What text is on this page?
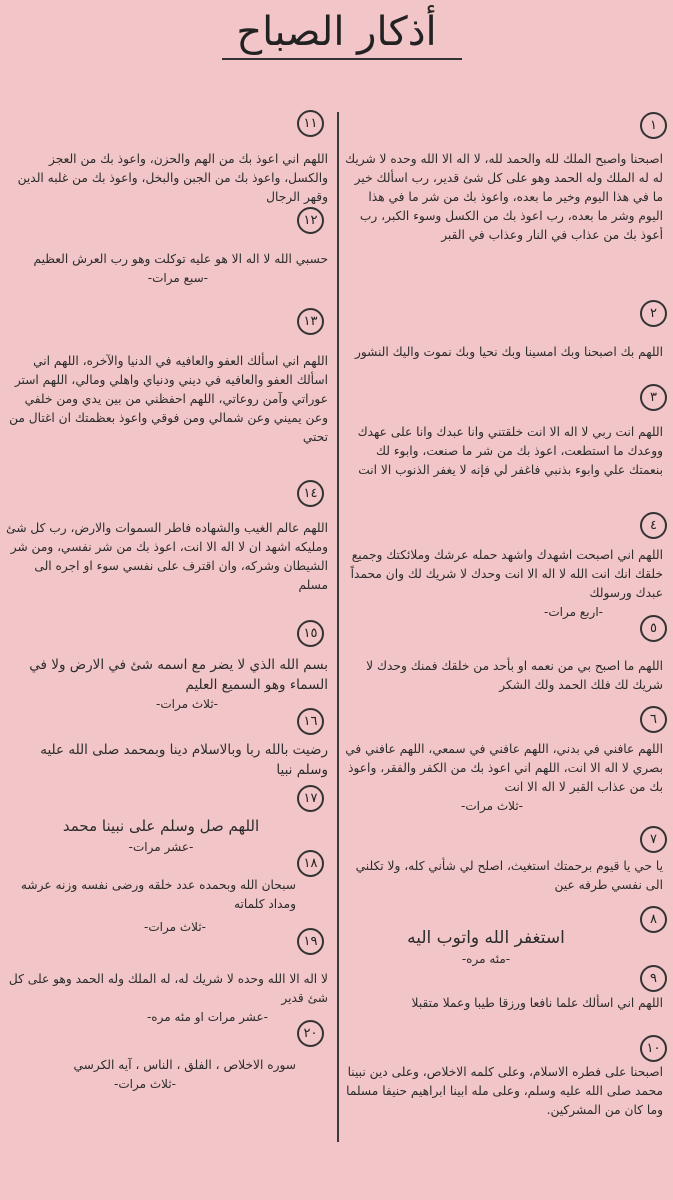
أذكار الصباح
١
اصبحنا واصبح الملك لله والحمد لله، لا اله الا الله وحده لا شريك له له الملك وله الحمد وهو على كل شئ قدير، رب اسألك خير ما في هذا اليوم وخير ما بعده، واعوذ بك من شر ما في هذا اليوم وشر ما بعده، رب اعوذ بك من الكسل وسوء الكبر، رب أعوذ بك من عذاب في النار وعذاب في القبر
٢
اللهم بك اصبحنا وبك امسينا وبك نحيا وبك نموت واليك النشور
٣
اللهم انت ربي لا اله الا انت خلقتني وانا عبدك وانا على عهدك ووعدك ما استطعت، اعوذ بك من شر ما صنعت، وابوء لك بنعمتك علي وابوء بذنبي فاغفر لي فإنه لا يغفر الذنوب الا انت
٤
اللهم اني اصبحت اشهدك واشهد حمله عرشك وملائكتك وجميع خلقك انك انت الله لا اله الا انت وحدك لا شريك لك وان محمداً عبدك ورسولك
-اربع مرات-
٥
اللهم ما اصبح بي من نعمه او بأحد من خلقك فمنك وحدك لا شريك لك فلك الحمد ولك الشكر
٦
اللهم عافني في بدني، اللهم عافني في سمعي، اللهم عافني في بصري لا اله الا انت، اللهم اني اعوذ بك من الكفر والفقر، واعوذ بك من عذاب القبر لا اله الا انت
-ثلاث مرات-
٧
يا حي يا قيوم برحمتك استغيث، اصلح لي شأني كله، ولا تكلني الى نفسي طرفه عين
٨
استغفر الله واتوب اليه
-مئه مره-
٩
اللهم اني اسألك علما نافعا ورزقا طيبا وعملا متقبلا
١٠
اصبحنا على فطره الاسلام، وعلى كلمه الاخلاص، وعلى دين نبينا محمد صلى الله عليه وسلم، وعلى مله ابينا ابراهيم حنيفا مسلما وما كان من المشركين.
١١
اللهم اني اعوذ بك من الهم والحزن، واعوذ بك من العجز والكسل، واعوذ بك من الجبن والبخل، واعوذ بك من غلبه الدين وقهر الرجال
١٢
حسبي الله لا اله الا هو عليه توكلت وهو رب العرش العظيم
-سبع مرات-
١٣
اللهم اني اسألك العفو والعافيه في الدنيا والآخره، اللهم اني اسألك العفو والعافيه في ديني ودنياي واهلي ومالي، اللهم استر عوراتي وآمن روعاتي، اللهم احفظني من بين يدي ومن خلفي وعن يميني وعن شمالي ومن فوقي واعوذ بعظمتك ان اغتال من تحتي
١٤
اللهم عالم الغيب والشهاده فاطر السموات والارض، رب كل شئ ومليكه اشهد ان لا اله الا انت، اعوذ بك من شر نفسي، ومن شر الشيطان وشركه، وان اقترف على نفسي سوء او اجره الى مسلم
١٥
بسم الله الذي لا يضر مع اسمه شئ في الارض ولا في السماء وهو السميع العليم
-ثلاث مرات-
١٦
رضيت بالله ربا وبالاسلام دينا وبمحمد صلى الله عليه وسلم نبيا
١٧
اللهم صل وسلم على نبينا محمد
-عشر مرات-
١٨
سبحان الله وبحمده عدد خلقه ورضى نفسه وزنه عرشه ومداد كلماته
-ثلاث مرات-
١٩
لا اله الا الله وحده لا شريك له، له الملك وله الحمد وهو على كل شئ قدير
-عشر مرات او مئه مره-
٢٠
سوره الاخلاص ، الفلق ، الناس ، آيه الكرسي
-ثلاث مرات-
